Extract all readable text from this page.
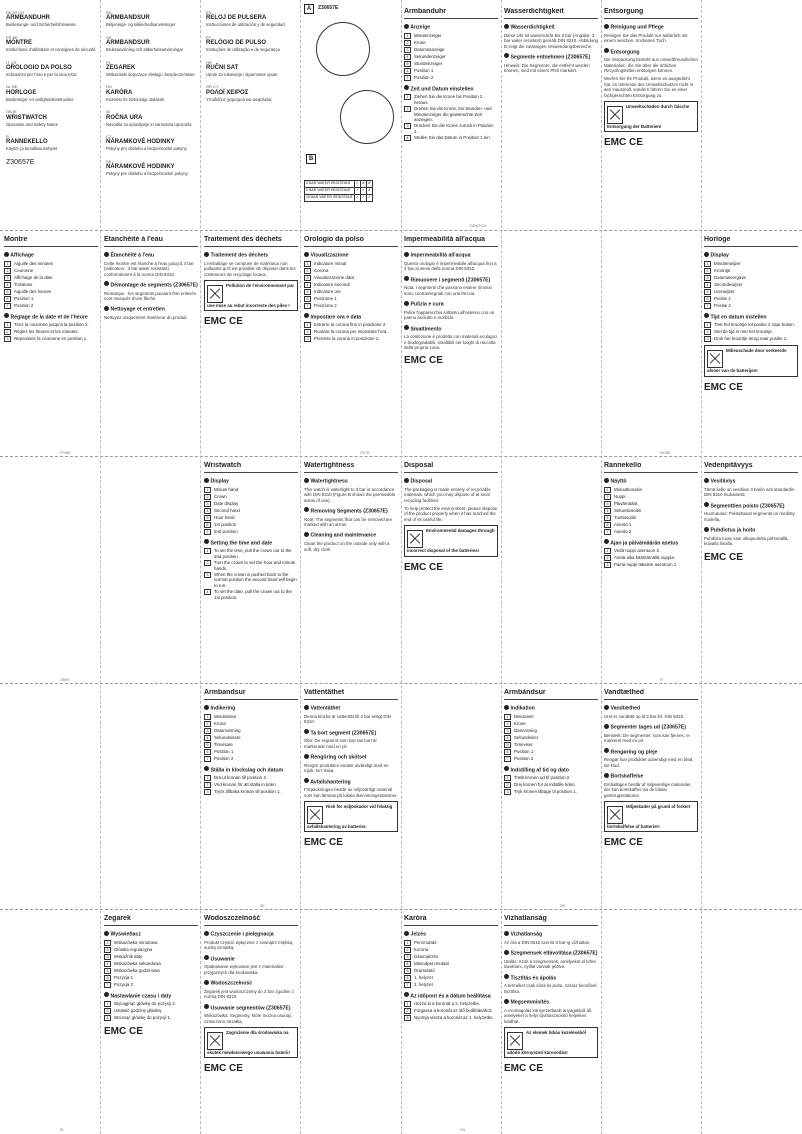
DE AT CH
ARMBANDUHR
Bedienungs- und Sicherheitshinweise
FR BE
MONTRE
Instructions d'utilisation et consignes de sécurité
IT CH
OROLOGIO DA POLSO
Indicazioni per l'uso e per la sicurezza
NL BE
HORLOGE
Bedienings- en veiligheidsinstructies
GB IE
WRISTWATCH
Operation and Safety Notes
FI
RANNEKELLO
Käyttö- ja turvallisuusohjeet
Z30657E
DK
ARMBANDSUR
Betjenings- og sikkerhedsanvisninger
SE
ARMBANDSUR
Bruksanvisning och säkerhetsanvisningar
PL
ZEGAREK
Wskazówki dotyczące obsługi i bezpieczeństwa
HU
KARÓRA
Kezelési és biztonsági utalások
SI
ROČNA URA
Navodila za upravljanje in varnostna opozorila
CZ
NÁRAMKOVÉ HODINKY
Pokyny pro obsluhu a bezpečnostní pokyny
SK
NÁRAMKOVÉ HODINKY
Pokyny pre obsluhu a bezpečnostné pokyny
ES
RELOJ DE PULSERA
Instrucciones de utilización y de seguridad
PT
RELÓGIO DE PULSO
Instruções de utilização e de segurança
HR
RUČNI SAT
Upute za rukovanje i sigurnosne upute
GR CY
ΡΟΛΟΪ ΧΕΙΡΟΣ
Υποδείξεις χειρισμού και ασφαλείας
A	Z30657E
B
3 BAR WATER RESISTANT	✓	✗	✗
5 BAR WATER RESISTANT	✓	✓	✗
10 BAR WATER RESISTANT	✓	✓	✓
Armbanduhr
Anzeige
1	Minutenzeiger
2	Krone
3	Datumsanzeige
4	Sekundenzeiger
5	Stundenzeiger
6	Position 1
7	Position 2
Zeit und Datum einstellen
1	Ziehen Sie die Krone bis Position 2 heraus.
2	Drehen Sie die Krone, bis Stunden- und Minutenzeiger die gewünschte Zeit anzeigen.
3	Drücken Sie die Krone zurück in Position 1.
4	Stellen Sie das Datum in Position 1 ein.
Wasserdichtigkeit
Wasserdichtigkeit
Diese Uhr ist wasserdicht bis 3 bar (Angabe: 3 bar water resistant) gemäß DIN 8310. Abbildung B zeigt die zulässigen Verwendungsbereiche.
Segmente entnehmen (Z30657E)
Hinweis: Die Segmente, die entfernt werden können, sind mit einem Pfeil markiert.
Entsorgung
Reinigung und Pflege
Reinigen Sie das Produkt nur äußerlich mit einem weichen, trockenen Tuch.
Entsorgung
Die Verpackung besteht aus umweltfreundlichen Materialien, die Sie über die örtlichen Recyclingstellen entsorgen können.
Werfen Sie Ihr Produkt, wenn es ausgedient hat, im Interesse des Umweltschutzes nicht in den Hausmüll, sondern führen Sie es einer fachgerechten Entsorgung zu.
Umweltschäden durch falsche Entsorgung der Batterien!
EMC CE
Montre
Affichage
1	Aiguille des minutes
2	Couronne
3	Affichage de la date
4	Trotteuse
5	Aiguille des heures
6	Position 1
7	Position 2
Réglage de la date et de l'heure
1	Tirez la couronne jusqu'à la position 2.
2	Réglez les heures et les minutes.
3	Repoussez la couronne en position 1.
Étanchéité à l'eau
Étanchéité à l'eau
Cette montre est étanche à l'eau jusqu'à 3 bar (indication : 3 bar water resistant) conformément à la norme DIN 8310.
Démontage de segments (Z30657E)
Remarque : les segments pouvant être enlevés sont marqués d'une flèche.
Nettoyage et entretien
Nettoyez uniquement l'extérieur du produit.
Traitement des déchets
Traitement des déchets
L'emballage se compose de matériaux non polluants qu'il est possible de déposer dans les conteneurs de recyclage locaux.
Pollution de l'environnement par une mise au rebut incorrecte des piles !
EMC CE
Orologio da polso
Visualizzazione
1	Indicatore minuti
2	Corona
3	Visualizzazione data
4	Indicatore secondi
5	Indicatore ore
6	Posizione 1
7	Posizione 2
Impostare ora e data
1	Estrarre la corona fino in posizione 2.
2	Ruotare la corona per impostare l'ora.
3	Premere la corona in posizione 1.
Impermeabilità all'acqua
Impermeabilità all'acqua
Questo orologio è impermeabile all'acqua fino a 3 bar ai sensi della norma DIN 8310.
Rimuovere i segmenti (Z30657E)
Nota: I segmenti che possono essere rimossi sono contrassegnati con una freccia.
Pulizia e cura
Pulire l'apparecchio soltanto all'esterno con un panno asciutto e morbido.
Smaltimento
La confezione è prodotta con materiali ecologici e biodegradabili, smaltibili nei luoghi di raccolta della propria zona.
EMC CE
Horloge
Display
1	Minutenwijzer
2	Kroontje
3	Datumweergave
4	Secondewijzer
5	Urenwijzer
6	Positie 1
7	Positie 2
Tijd en datum instellen
1	Trek het kroontje tot positie 2 naar buiten.
2	Stel de tijd in met het kroontje.
3	Druk het kroontje terug naar positie 1.
Milieuschade door verkeerde afvoer van de batterijen!
EMC CE
Wristwatch
Display
1	Minute hand
2	Crown
3	Date display
4	Second hand
5	Hour hand
6	1st position
7	2nd position
Setting the time and date
1	To set the time, pull the crown out to the 2nd position.
2	Turn the crown to set the hour and minute hands.
3	When the crown is pushed back to the normal position the second hand will begin to run.
4	To set the date, pull the crown out to the 1st position.
Watertightness
Watertightness
This watch is watertight to 3 bar in accordance with DIN 8310 (Figure B shows the permissible areas of use).
Removing Segments (Z30657E)
Note: The segments that can be removed are marked with an arrow.
Cleaning and maintenance
Clean the product on the outside only with a soft, dry cloth.
Disposal
Disposal
The packaging is made entirely of recyclable materials, which you may dispose of at local recycling facilities.
To help protect the environment, please dispose of the product properly when it has reached the end of its useful life.
Environmental damages through incorrect disposal of the batteries!
EMC CE
Rannekello
Näyttö
1	Minuuttiosoitin
2	Nuppi
3	Päivämäärä
4	Sekuntiosoitin
5	Tuntiosoitin
6	Asento 1
7	Asento 2
Ajan ja päivämäärän asetus
1	Vedä nuppi asentoon 2.
2	Aseta aika kääntämällä nuppia.
3	Paina nuppi takaisin asentoon 1.
Vedenpitävyys
Vesitiiviys
Tämä kello on vesitiivis 3 bariin asti standardin DIN 8310 mukaisesti.
Segmenttien poisto (Z30657E)
Huomautus: Poistettavat segmentit on merkitty nuolella.
Puhdistus ja hoito
Puhdista tuote vain ulkopuolelta pehmeällä, kuivalla liinalla.
EMC CE
Armbandsur
Indikering
1	Minutvisare
2	Krona
3	Datumvisning
4	Sekundvisare
5	Timvisare
6	Position 1
7	Position 2
Ställa in klockslag och datum
1	Dra ut kronan till position 2.
2	Vrid kronan för att ställa in tiden.
3	Tryck tillbaka kronan till position 1.
Vattentäthet
Vattentäthet
Denna klocka är vattentät till 3 bar enligt DIN 8310.
Ta bort segment (Z30657E)
Obs: De segment som kan tas bort är markerade med en pil.
Rengöring och skötsel
Rengör produkten endast utvändigt med en mjuk, torr trasa.
Avfallshantering
Förpackningen består av miljövänligt material som kan lämnas på lokala återvinningsstationer.
Risk för miljöskador vid felaktig avfallshantering av batterier.
EMC CE
Armbåndsur
Indikation
1	Minutviser
2	Krone
3	Datovisning
4	Sekundviser
5	Timeviser
6	Position 1
7	Position 2
Indstilling af tid og dato
1	Træk kronen ud til position 2.
2	Drej kronen for at indstille tiden.
3	Tryk kronen tilbage til position 1.
Vandtæthed
Vandtæthed
Uret er vandtæt op til 3 bar iht. DIN 8310.
Segmenter tages ud (Z30657E)
Bemærk: De segmenter, som kan fjernes, er markeret med en pil.
Rengøring og pleje
Rengør kun produktet udvendigt med en blød, tør klud.
Bortskaffelse
Emballagen består af miljøvenlige materialer, der kan bortskaffes via de lokale genbrugsstationer.
Miljøskader på grund af forkert bortskaffelse af batterier!
EMC CE
Zegarek
Wyświetlacz
1	Wskazówka minutowa
2	Główka regulacyjna
3	Wskaźnik daty
4	Wskazówka sekundowa
5	Wskazówka godzinowa
6	Pozycja 1
7	Pozycja 2
Nastawianie czasu i daty
1	Wyciągnąć główkę do pozycji 2.
2	Ustawić godzinę główką.
3	Wcisnąć główkę do pozycji 1.
EMC CE
Wodoszczelność
Czyszczenie i pielęgnacja
Produkt czyścić wyłącznie z zewnątrz miękką, suchą szmatką.
Usuwanie
Opakowanie wykonane jest z materiałów przyjaznych dla środowiska.
Wodoszczelność
Zegarek jest wodoszczelny do 3 bar zgodnie z normą DIN 8310.
Usuwanie segmentów (Z30657E)
Wskazówka: Segmenty, które można usunąć, oznaczono strzałką.
Zagrożenie dla środowiska na skutek niewłaściwego usuwania baterii!
EMC CE
Karóra
Jelzés
1	Percmutató
2	Korona
3	Dátumjelzés
4	Másodpercmutató
5	Óramutató
6	1. helyzet
7	2. helyzet
Az időpont és a dátum beállítása
1	Húzza ki a koronát a 2. helyzetbe.
2	Forgassa a koronát az idő beállításához.
3	Nyomja vissza a koronát az 1. helyzetbe.
Vízhatlanság
Vízhatlanság
Az óra a DIN 8310 szerint 3 bar-ig vízhatlan.
Szegmensek eltávolítása (Z30657E)
Utalás: Azok a szegmensek, amelyeket el lehet távolítani, nyíllal vannak jelölve.
Tisztítás és ápolás
A terméket csak kívül és puha, száraz kendővel tisztítsa.
Megsemmisítés
A csomagolás környezetbarát anyagokból áll, amelyeket a helyi újrahasznosító helyeken leadhat.
Az elemek hibás kezeléséből adódó környezeti károsodás!
EMC CE
DE/AT/CH
FR/BE	IT/CH	NL/BE
GB/IE	FI
SE	DK
PL	HU
